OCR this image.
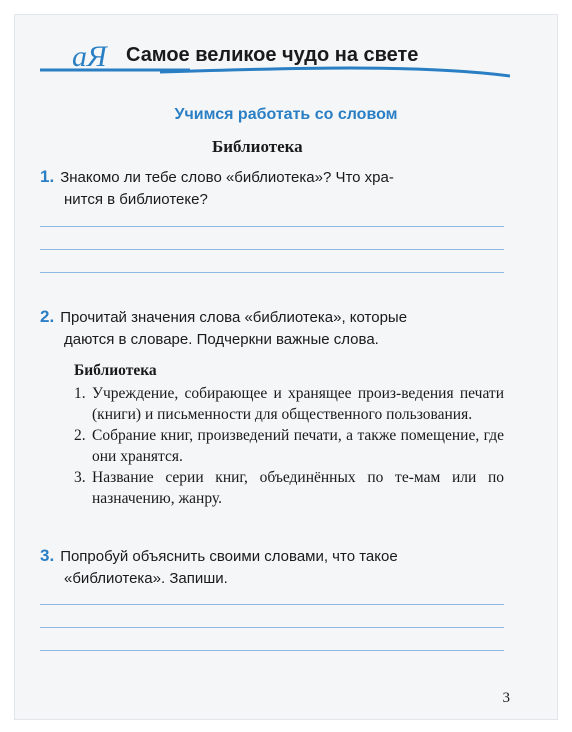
аЯ Самое великое чудо на свете
Учимся работать со словом
Библиотека
1. Знакомо ли тебе слово «библиотека»? Что хра-
нится в библиотеке?
2. Прочитай значения слова «библиотека», которые
даются в словаре. Подчеркни важные слова.
Библиотека
1. Учреждение, собирающее и хранящее произ-ведения печати (книги) и письменности для общественного пользования.
2. Собрание книг, произведений печати, а также помещение, где они хранятся.
3. Название серии книг, объединённых по те-мам или по назначению, жанру.
3. Попробуй объяснить своими словами, что такое
«библиотека». Запиши.
3
